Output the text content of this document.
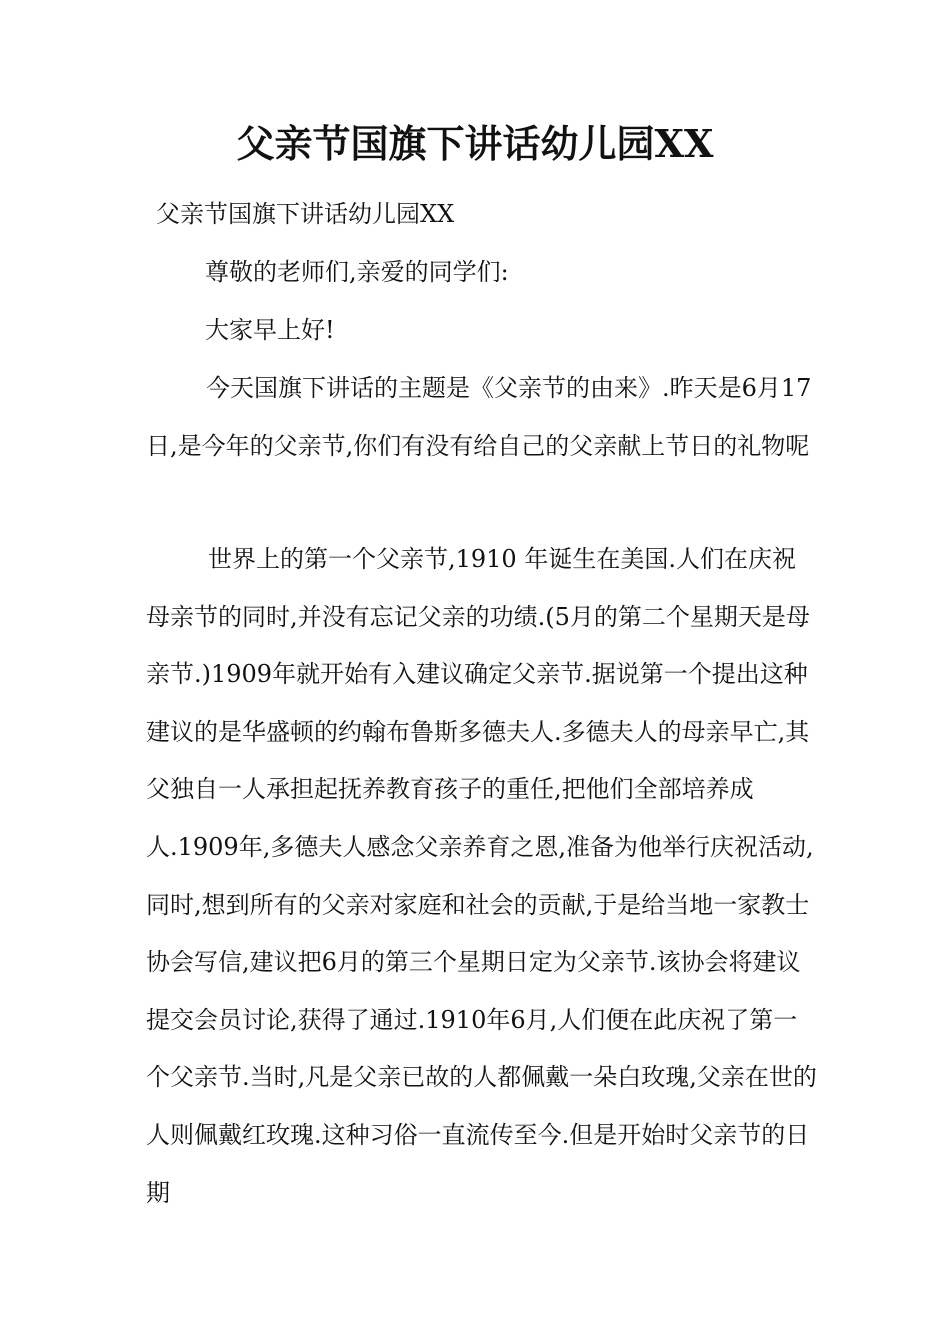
父亲节国旗下讲话幼儿园XX

父亲节国旗下讲话幼儿园XX

尊敬的老师们,亲爱的同学们:

大家早上好!

今天国旗下讲话的主题是《父亲节的由来》.昨天是6月17日,是今年的父亲节,你们有没有给自己的父亲献上节日的礼物呢

世界上的第一个父亲节,1910 年诞生在美国.人们在庆祝母亲节的同时,并没有忘记父亲的功绩.(5月的第二个星期天是母亲节.)1909年就开始有入建议确定父亲节.据说第一个提出这种建议的是华盛顿的约翰布鲁斯多德夫人.多德夫人的母亲早亡,其父独自一人承担起抚养教育孩子的重任,把他们全部培养成人.1909年,多德夫人感念父亲养育之恩,准备为他举行庆祝活动,同时,想到所有的父亲对家庭和社会的贡献,于是给当地一家教士协会写信,建议把6月的第三个星期日定为父亲节.该协会将建议提交会员讨论,获得了通过.1910年6月,人们便在此庆祝了第一个父亲节.当时,凡是父亲已故的人都佩戴一朵白玫瑰,父亲在世的人则佩戴红玫瑰.这种习俗一直流传至今.但是开始时父亲节的日期
